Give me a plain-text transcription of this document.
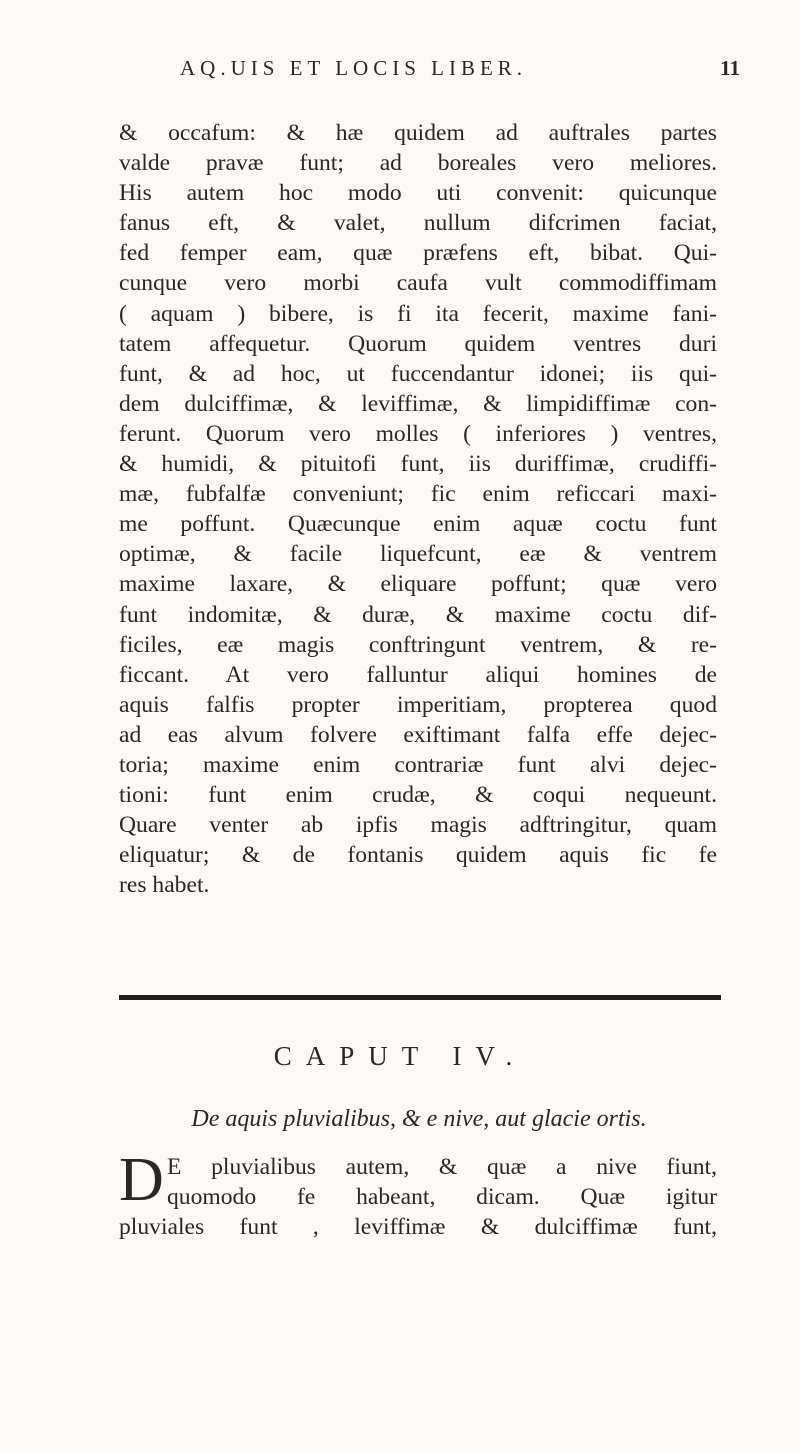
AQ.UIS ET LOCIS LIBER.	11
& occafum: & hæ quidem ad auftrales partes
valde pravæ funt; ad boreales vero meliores.
His autem hoc modo uti convenit: quicunque
fanus eft, & valet, nullum difcrimen faciat,
fed femper eam, quæ præfens eft, bibat. Qui-
cunque vero morbi caufa vult commodiffimam
( aquam ) bibere, is fi ita fecerit, maxime fani-
tatem affequetur. Quorum quidem ventres duri
funt, & ad hoc, ut fuccendantur idonei; iis qui-
dem dulciffimæ, & leviffimæ, & limpidiffimæ con-
ferunt. Quorum vero molles ( inferiores ) ventres,
& humidi, & pituitofi funt, iis duriffimæ, crudiffi-
mæ, fubfalfæ conveniunt; fic enim reficcari maxi-
me poffunt. Quæcunque enim aquæ coctu funt
optimæ, & facile liquefcunt, eæ & ventrem
maxime laxare, & eliquare poffunt; quæ vero
funt indomitæ, & duræ, & maxime coctu dif-
ficiles, eæ magis conftringunt ventrem, & re-
ficcant. At vero falluntur aliqui homines de
aquis falfis propter imperitiam, propterea quod
ad eas alvum folvere exiftimant falfa effe dejec-
toria; maxime enim contrariæ funt alvi dejec-
tioni: funt enim crudæ, & coqui nequeunt.
Quare venter ab ipfis magis adftringitur, quam
eliquatur; & de fontanis quidem aquis fic fe
res habet.
CAPUT IV.
De aquis pluvialibus, & e nive, aut glacie ortis.
D E pluvialibus autem, & quæ a nive fiunt,
quomodo fe habeant, dicam. Quæ igitur
pluviales funt , leviffimæ & dulciffimæ funt,
